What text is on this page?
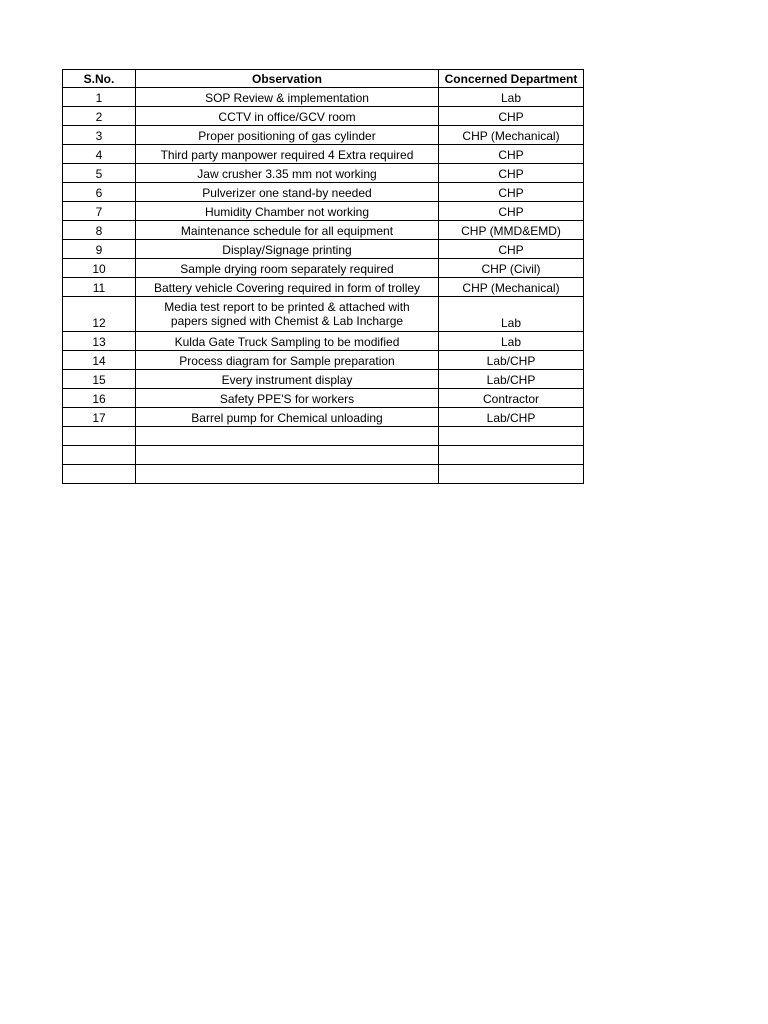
S.No.	Observation	Concerned Department
1	SOP Review & implementation	Lab
2	CCTV in office/GCV room	CHP
3	Proper positioning of gas cylinder	CHP (Mechanical)
4	Third party manpower required 4 Extra required	CHP
5	Jaw crusher 3.35 mm not working	CHP
6	Pulverizer one stand-by needed	CHP
7	Humidity Chamber not working	CHP
8	Maintenance schedule for all equipment	CHP (MMD&EMD)
9	Display/Signage printing	CHP
10	Sample drying room separately required	CHP (Civil)
11	Battery vehicle Covering required in form of trolley	CHP (Mechanical)
12	Media test report to be printed & attached with
papers signed with Chemist & Lab Incharge	Lab
13	Kulda Gate Truck Sampling to be modified	Lab
14	Process diagram for Sample preparation	Lab/CHP
15	Every instrument display	Lab/CHP
16	Safety PPE'S for workers	Contractor
17	Barrel pump for Chemical unloading	Lab/CHP
